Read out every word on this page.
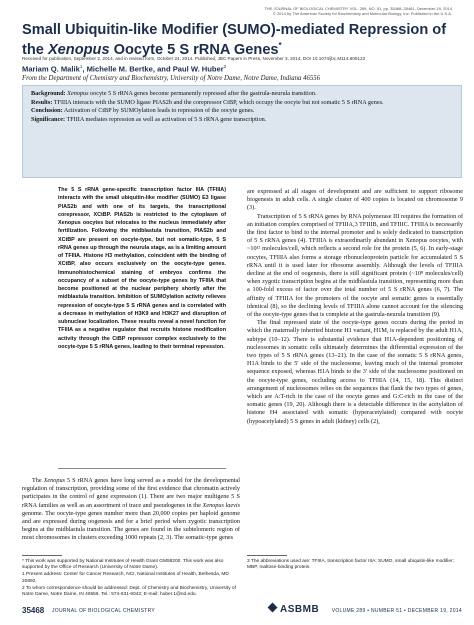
THE JOURNAL OF BIOLOGICAL CHEMISTRY VOL. 289, NO. 51, pp. 35468–35481, December 19, 2014
© 2014 by The American Society for Biochemistry and Molecular Biology, Inc. Published in the U.S.A.
Small Ubiquitin-like Modifier (SUMO)-mediated Repression of the Xenopus Oocyte 5 S rRNA Genes*
Received for publication, September 2, 2014, and in revised form, October 24, 2014. Published, JBC Papers in Press, November 3, 2014, DOI 10.1074/jbc.M114.609123
Mariam Q. Malik$^1$, Michelle M. Bertke, and Paul W. Huber$^2$
From the Department of Chemistry and Biochemistry, University of Notre Dame, Notre Dame, Indiana 46556

Background: Xenopus oocyte 5 S rRNA genes become permanently repressed after the gastrula-neurula transition.

Results: TFIIIA interacts with the SUMO ligase PIAS2b and the corepressor CtBP, which occupy the oocyte but not somatic 5 S rRNA genes.

Conclusion: Activation of CtBP by SUMOylation leads to repression of the oocyte genes.

Significance: TFIIIA mediates repression as well as activation of 5 S rRNA gene transcription.

The 5 S rRNA gene-specific transcription factor IIIA (TFIIIA) interacts with the small ubiquitin-like modifier (SUMO) E3 ligase PIAS2b and with one of its targets, the transcriptional corepressor, XCtBP. PIAS2b is restricted to the cytoplasm of Xenopus oocytes but relocates to the nucleus immediately after fertilization. Following the midblastula transition, PIAS2b and XCtBP are present on oocyte-type, but not somatic-type, 5 S rRNA genes up through the neurula stage, as is a limiting amount of TFIIIA. Histone H3 methylation, coincident with the binding of XCtBP, also occurs exclusively on the oocyte-type genes. Immunohistochemical staining of embryos confirms the occupancy of a subset of the oocyte-type genes by TFIIIA that become positioned at the nuclear periphery shortly after the midblastula transition. Inhibition of SUMOylation activity relieves repression of oocyte-type 5 S rRNA genes and is correlated with a decrease in methylation of H3K9 and H3K27 and disruption of subnuclear localization. These results reveal a novel function for TFIIIA as a negative regulator that recruits histone modification activity through the CtBP repressor complex exclusively to the oocyte-type 5 S rRNA genes, leading to their terminal repression.

The Xenopus 5 S rRNA genes have long served as a model for the developmental regulation of transcription, providing some of the first evidence that chromatin actively participates in the control of gene expression (1). There are two major multigene 5 S rRNA families as well as an assortment of trace and pseudogenes in the Xenopus laevis genome. The oocyte-type genes number more than 20,000 copies per haploid genome and are expressed during oogenesis and for a brief period when zygotic transcription begins at the midblastula transition. The genes are found in the subtelomeric region of most chromosomes in clusters exceeding 1000 repeats (2, 3). The somatic-type genes

are expressed at all stages of development and are sufficient to support ribosome biogenesis in adult cells. A single cluster of 400 copies is located on chromosome 9 (3).

Transcription of 5 S rRNA genes by RNA polymerase III requires the formation of an initiation complex comprised of TFIIIA,3 TFIIIB, and TFIIIC. TFIIIA is necessarily the first factor to bind to the internal promoter and is solely dedicated to transcription of 5 S rRNA genes (4). TFIIIA is extraordinarily abundant in Xenopus oocytes, with ~10¹² molecules/cell, which reflects a second role for the protein (5, 6). In early-stage oocytes, TFIIIA also forms a storage ribonucleoprotein particle for accumulated 5 S rRNA until it is used later for ribosome assembly. Although the levels of TFIIIA decline at the end of oogenesis, there is still significant protein (~10⁸ molecules/cell) when zygotic transcription begins at the midblastula transition, representing more than a 100-fold excess of factor over the total number of 5 S rRNA genes (6, 7). The affinity of TFIIIA for the promoters of the oocyte and somatic genes is essentially identical (8), so the declining levels of TFIIIA alone cannot account for the silencing of the oocyte-type genes that is complete at the gastrula-neurula transition (9).

The final repressed state of the oocyte-type genes occurs during the period in which the maternally inherited histone H1 variant, H1M, is replaced by the adult H1A, subtype (10–12). There is substantial evidence that H1A-dependent positioning of nucleosomes in somatic cells ultimately determines the differential expression of the two types of 5 S rRNA genes (13–21). In the case of the somatic 5 S rRNA genes, H1A binds to the 5′ side of the nucleosome, leaving much of the internal promoter sequence exposed, whereas H1A binds to the 3′ side of the nucleosome positioned on the oocyte-type genes, occluding access to TFIIIA (14, 15, 18). This distinct arrangement of nucleosomes relies on the sequences that flank the two types of genes, which are A:T-rich in the case of the oocyte genes and G:C-rich in the case of the somatic genes (19, 20). Although there is a detectable difference in the acetylation of histone H4 associated with somatic (hyperacetylated) compared with oocyte (hypoacetylated) 5 S genes in adult (kidney) cells (2),

* This work was supported by National Institutes of Health Grant GM58200. This work was also supported by the Office of Research (University of Notre Dame).

1 Present address: Center for Cancer Research, NCI, National Institutes of Health, Bethesda, MD 20892.

2 To whom correspondence should be addressed: Dept. of Chemistry and Biochemistry, University of Notre Dame, Notre Dame, IN 46556. Tel.: 574-631-6042; E-mail: huber.1@nd.edu.

3 The abbreviations used are: TFIIIA, transcription factor IIIA; SUMO, small ubiquitin-like modifier; MBP, maltose-binding protein.
35468 JOURNAL OF BIOLOGICAL CHEMISTRY	ASBMB	VOLUME 289 • NUMBER 51 • DECEMBER 19, 2014
